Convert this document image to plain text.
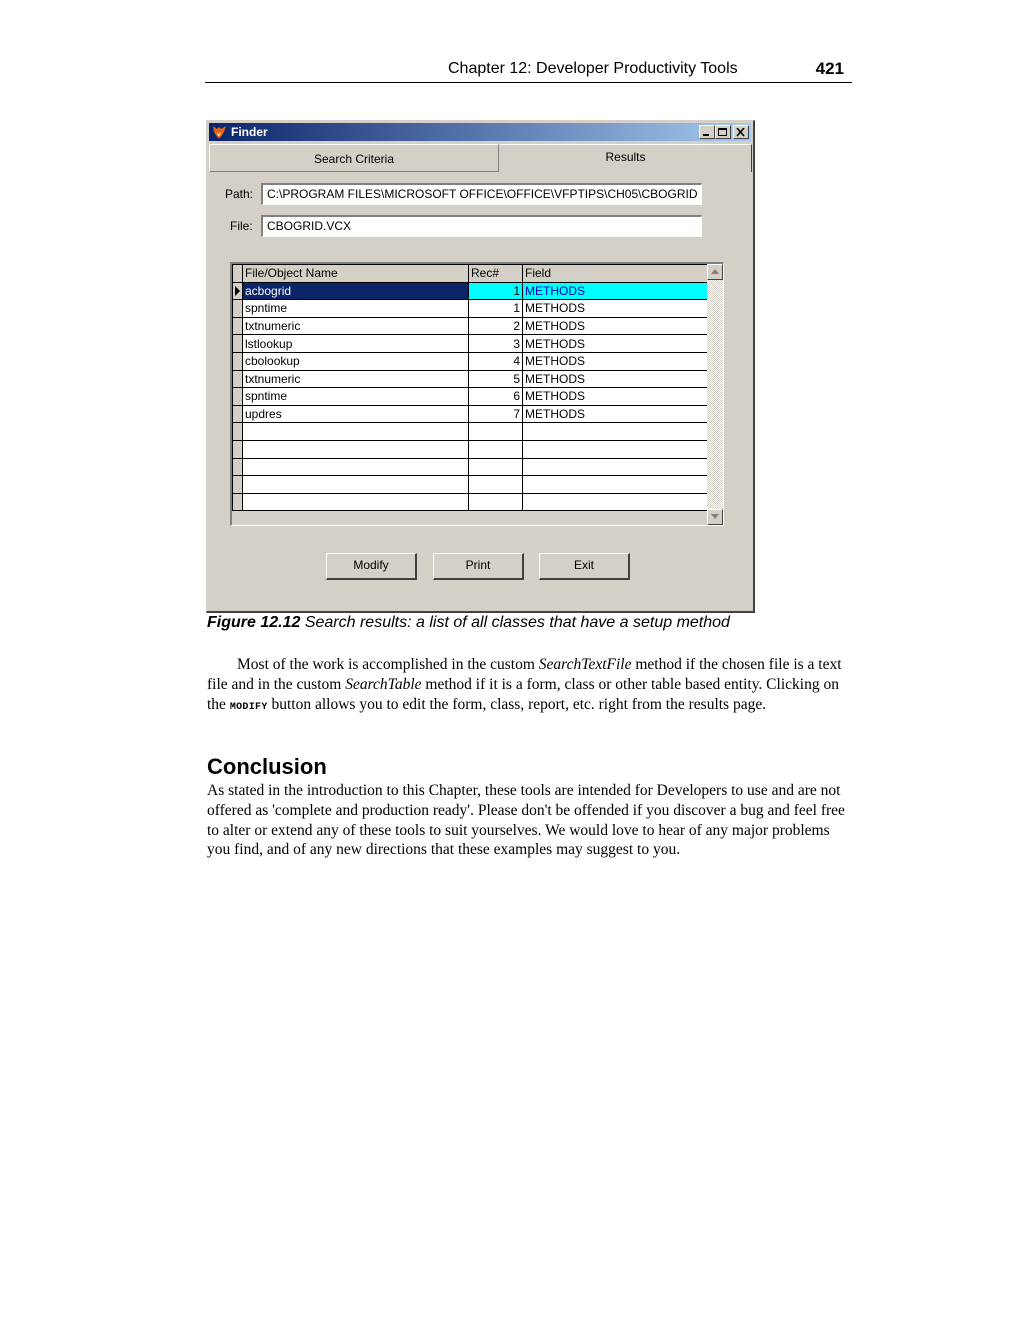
Chapter 12: Developer Productivity Tools	421
Finder
Search Criteria	Results
Path:	C:\PROGRAM FILES\MICROSOFT OFFICE\OFFICE\VFPTIPS\CH05\CBOGRID
File:	CBOGRID.VCX
	File/Object Name	Rec#	Field

	acbogrid	1	METHODS
	spntime	1	METHODS
	txtnumeric	2	METHODS
	lstlookup	3	METHODS
	cbolookup	4	METHODS
	txtnumeric	5	METHODS
	spntime	6	METHODS
	updres	7	METHODS

Modify	Print	Exit
Figure 12.12 Search results: a list of all classes that have a setup method
Most of the work is accomplished in the custom SearchTextFile method if the chosen file is a text file and in the custom SearchTable method if it is a form, class or other table based entity. Clicking on the MODIFY button allows you to edit the form, class, report, etc. right from the results page.
Conclusion
As stated in the introduction to this Chapter, these tools are intended for Developers to use and are not offered as 'complete and production ready'. Please don't be offended if you discover a bug and feel free to alter or extend any of these tools to suit yourselves. We would love to hear of any major problems you find, and of any new directions that these examples may suggest to you.
